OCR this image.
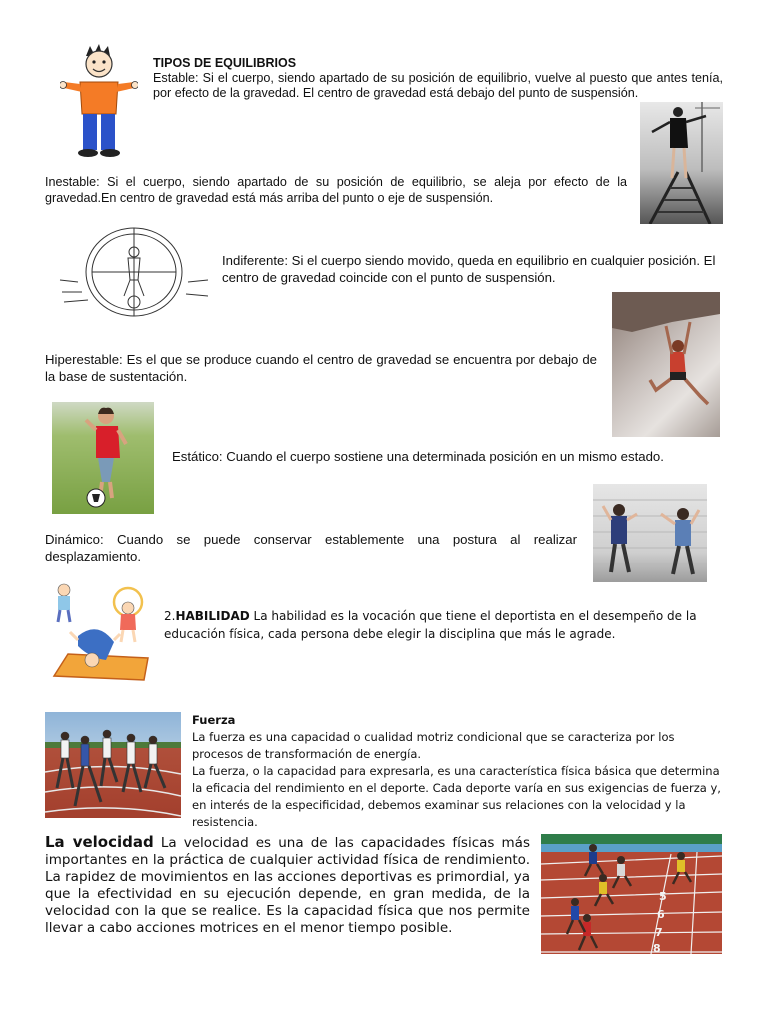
TIPOS DE EQUILIBRIOS
Estable: Si el cuerpo, siendo apartado de su posición de equilibrio, vuelve al puesto que antes tenía, por efecto de la gravedad. El centro de gravedad está debajo del punto de suspensión.
Inestable: Si el cuerpo, siendo apartado de su posición de equilibrio, se aleja por efecto de la gravedad.En centro de gravedad está más arriba del punto o eje de suspensión.
Indiferente: Si el cuerpo siendo movido, queda en equilibrio en cualquier posición. El centro de gravedad coincide con el punto de suspensión.
Hiperestable: Es el que se produce cuando el centro de gravedad se encuentra por debajo de la base de sustentación.
Estático: Cuando el cuerpo sostiene una determinada posición en un mismo estado.
Dinámico: Cuando se puede conservar establemente una postura al realizar desplazamiento.
2.HABILIDAD La habilidad es la vocación que tiene el deportista en el desempeño de la educación física, cada persona debe elegir la disciplina que más le agrade.
Fuerza
La fuerza es una capacidad o cualidad motriz condicional que se caracteriza por los procesos de transformación de energía.
La fuerza, o la capacidad para expresarla, es una característica física básica que determina la eficacia del rendimiento en el deporte. Cada deporte varía en sus exigencias de fuerza y, en interés de la especificidad, debemos examinar sus relaciones con la velocidad y la resistencia.
La velocidad La velocidad es una de las capacidades físicas más importantes en la práctica de cualquier actividad física de rendimiento. La rapidez de movimientos en las acciones deportivas es primordial, ya que la efectividad en su ejecución depende, en gran medida, de la velocidad con la que se realice. Es la capacidad física que nos permite llevar a cabo acciones motrices en el menor tiempo posible.
5
6
7
8
